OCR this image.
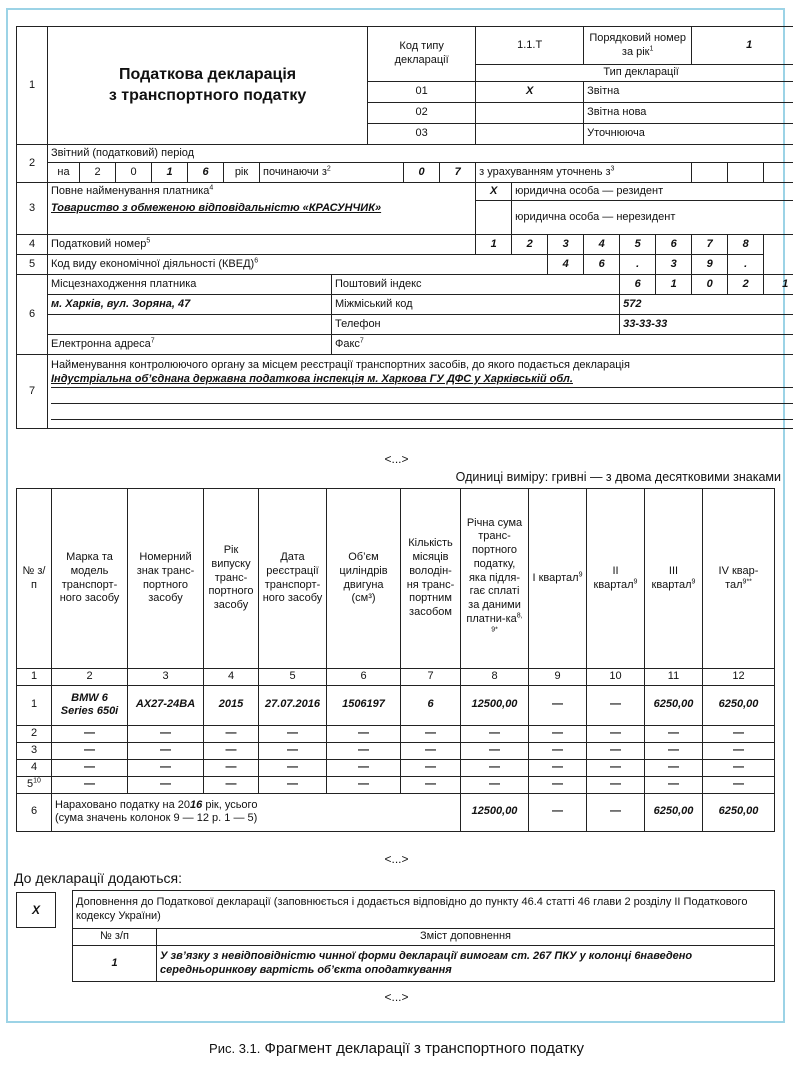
1	Податкова декларація
з транспортного податку								Код типу декларації			1.1.Т			Порядковий номер за рік$^1$			1		
												Тип декларації								
									01			X			Звітна					
									02						Звітна нова					
									03						Уточнююча					
2	Звітний (податковий) період																			
	на	2	0	1	6	рік	починаючи $з^2$			0	7	з урахуванням уточнень $з^3$			
3	Повне найменування платника$^4$											X	юридична особа — резидент							
	Товариство з обмеженою відповідальністю «КРАСУНЧИК»												юридична особа — нерезидент							
4	Податковий номер$^5$											1	2	3	4	5	6	7	8	
5	Код виду економічної діяльності (КВЕД)$^6$													4	6	.	3	9	.	
6	Місцезнаходження платника							Поштовий індекс								6	1	0	2	1
	м. Харків, вул. Зоряна, 47							Міжміський код								572				
								Телефон								33-33-33				
	Електронна адреса$^7$							Факс$^7$
7	Найменування контролюючого органу за місцем реєстрації транспортних засобів, до якого подається декларація
Індустріальна об’єднана державна податкова інспекція м. Харкова ГУ ДФС у Харківській обл.																			
<...>
Одиниці виміру: гривні — з двома десятковими знаками
№ з/п	Марка та модель транспорт-ного засобу	Номерний знак транс-портного засобу	Рік випуску транс-портного засобу	Дата реєстрації транспорт-ного засобу	Об’єм циліндрів двигуна (см³)	Кількість місяців володін-ня транс-портним засобом	Річна сума транс-портного податку, яка підля-гає сплаті за даними платни-$ка^{8, 9*}$	I квартал$^9$	II квартал$^9$	III квартал$^9$	IV квар-тал$^{9**}$
1	2	3	4	5	6	7	8	9	10	11	12
1	BMW 6 Series 650i	AX27-24BA	2015	27.07.2016	1506197	6	12500,00	—	—	6250,00	6250,00
2	—	—	—	—	—	—	—	—	—	—	—
3	—	—	—	—	—	—	—	—	—	—	—
4	—	—	—	—	—	—	—	—	—	—	—
$5^{10}$	—	—	—	—	—	—	—	—	—	—	—
6	Нараховано податку на 2016 рік, усього
(сума значень колонок 9 — 12 р. 1 — 5)						12500,00	—	—	6250,00	6250,00
<...>
До декларації додаються:
X
Доповнення до Податкової декларації (заповнюється і додається відповідно до пункту 46.4 статті 46 глави 2 розділу ІІ Податкового кодексу України)	
№ з/п	Зміст доповнення
1	У зв’язку з невідповідністю чинної форми декларації вимогам ст. 267 ПКУ у колонці 6наведено середньоринкову вартість об’єкта оподаткування
<...>
Рис. 3.1. Фрагмент декларації з транспортного податку
